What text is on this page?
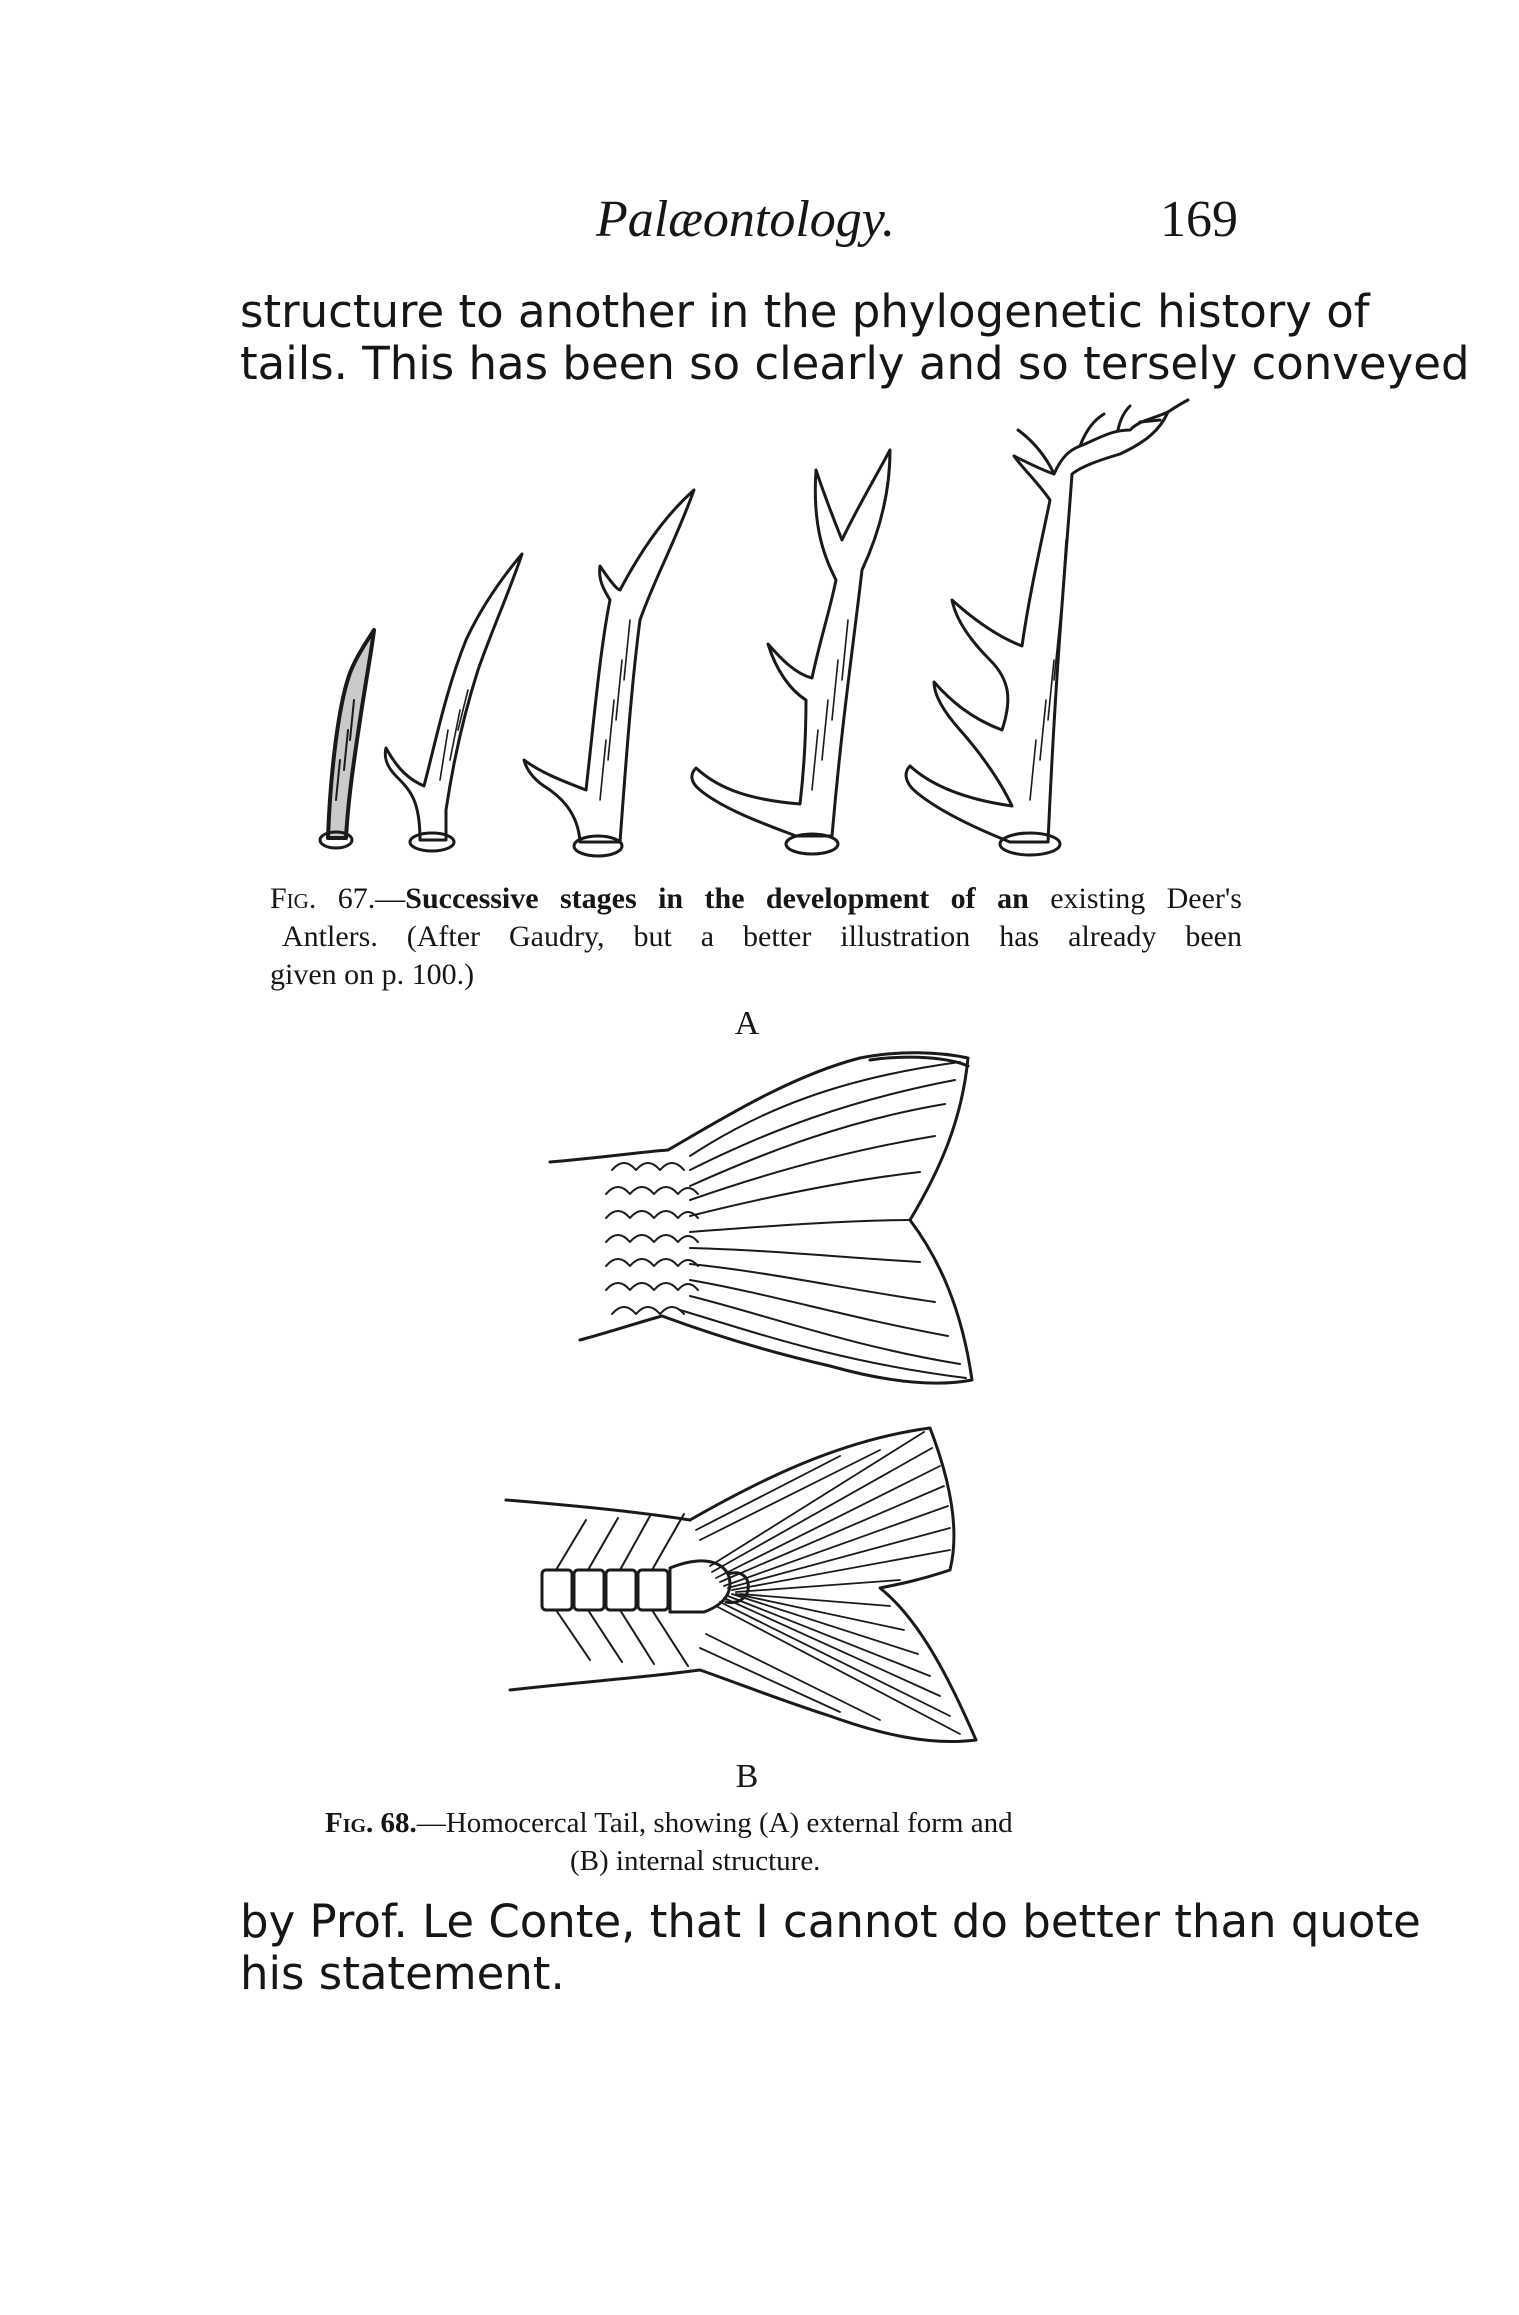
Palæontology.	169
structure to another in the phylogenetic history of
tails. This has been so clearly and so tersely conveyed
Fig. 67.—Successive stages in the development of an existing Deer's
Antlers. (After Gaudry, but a better illustration has already been
given on p. 100.)
A
B
Fig. 68.—Homocercal Tail, showing (A) external form and
(B) internal structure.
by Prof. Le Conte, that I cannot do better than quote
his statement.
